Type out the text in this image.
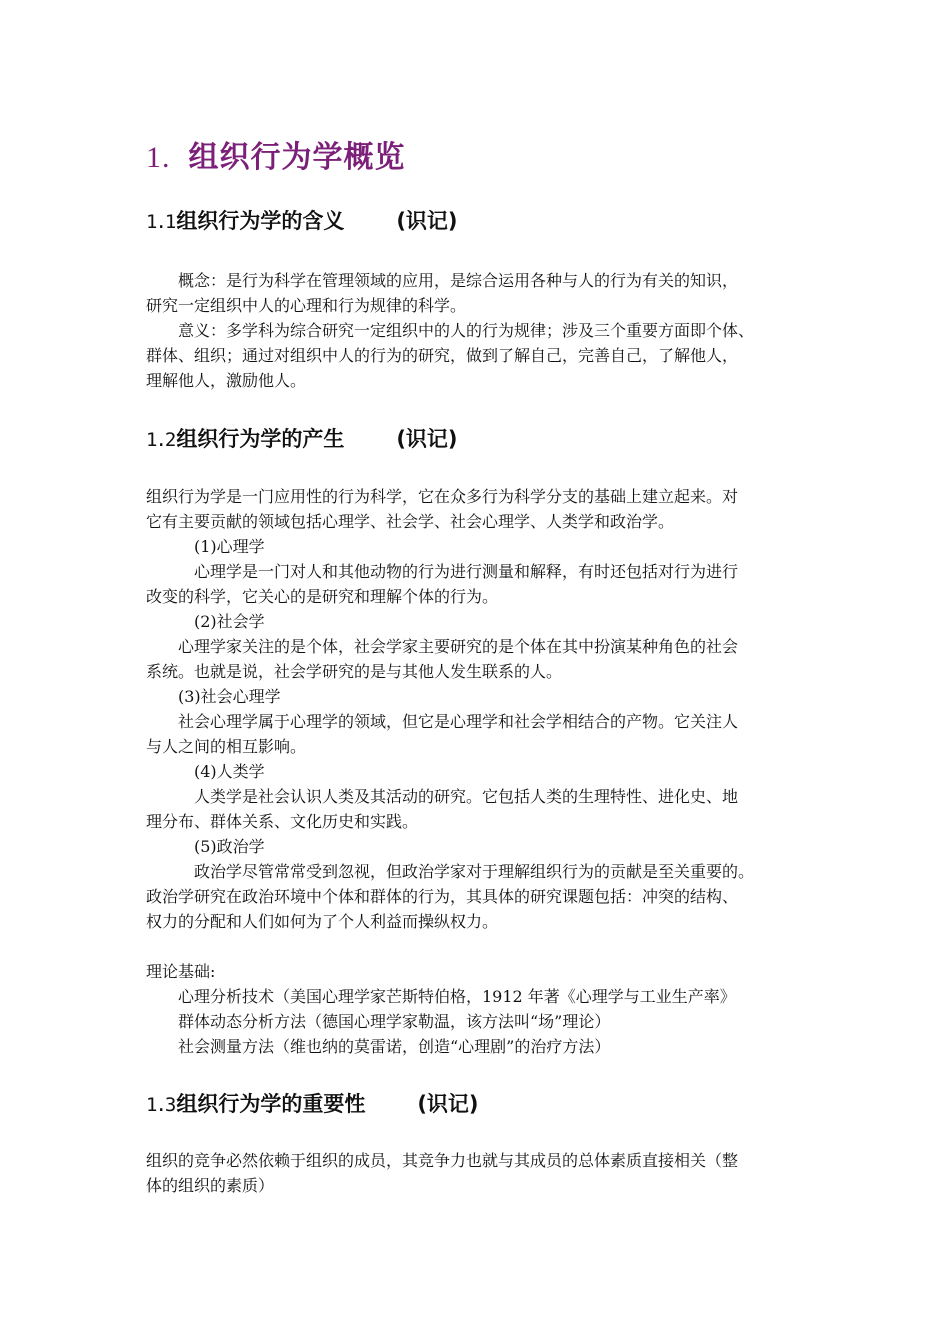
1. 组织行为学概览
1.1组织行为学的含义 (识记)
概念：是行为科学在管理领域的应用，是综合运用各种与人的行为有关的知识，
研究一定组织中人的心理和行为规律的科学。
意义：多学科为综合研究一定组织中的人的行为规律；涉及三个重要方面即个体、
群体、组织；通过对组织中人的行为的研究，做到了解自己，完善自己，了解他人，
理解他人，激励他人。
1.2组织行为学的产生 (识记)
组织行为学是一门应用性的行为科学，它在众多行为科学分支的基础上建立起来。对
它有主要贡献的领域包括心理学、社会学、社会心理学、人类学和政治学。
(1)心理学
心理学是一门对人和其他动物的行为进行测量和解释，有时还包括对行为进行
改变的科学，它关心的是研究和理解个体的行为。
(2)社会学
心理学家关注的是个体，社会学家主要研究的是个体在其中扮演某种角色的社会
系统。也就是说，社会学研究的是与其他人发生联系的人。
(3)社会心理学
社会心理学属于心理学的领域，但它是心理学和社会学相结合的产物。它关注人
与人之间的相互影响。
(4)人类学
人类学是社会认识人类及其活动的研究。它包括人类的生理特性、进化史、地
理分布、群体关系、文化历史和实践。
(5)政治学
政治学尽管常常受到忽视，但政治学家对于理解组织行为的贡献是至关重要的。
政治学研究在政治环境中个体和群体的行为，其具体的研究课题包括：冲突的结构、
权力的分配和人们如何为了个人利益而操纵权力。
理论基础:
心理分析技术（美国心理学家芒斯特伯格，1912 年著《心理学与工业生产率》
群体动态分析方法（德国心理学家勒温，该方法叫“场”理论）
社会测量方法（维也纳的莫雷诺，创造“心理剧”的治疗方法）
1.3组织行为学的重要性 (识记)
组织的竞争必然依赖于组织的成员，其竞争力也就与其成员的总体素质直接相关（整
体的组织的素质）
